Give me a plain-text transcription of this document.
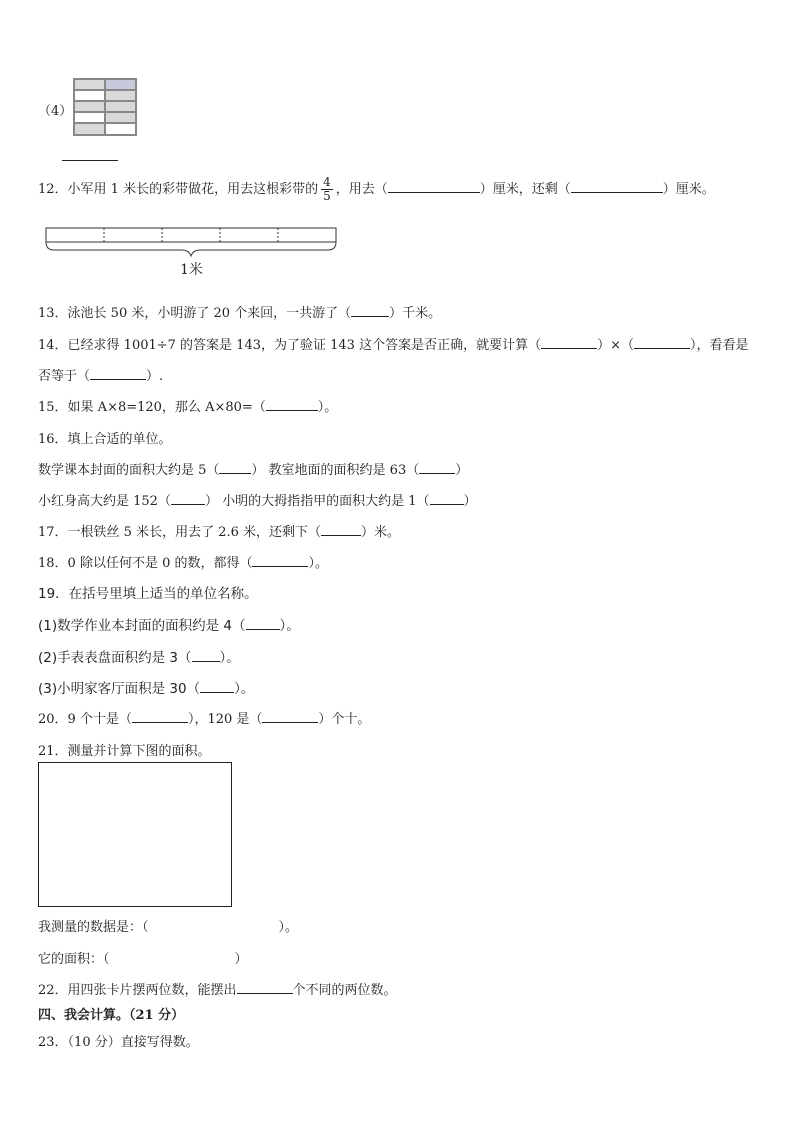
（4）
12．小军用 1 米长的彩带做花，用去这根彩带的 $\frac{4}{5}$ ，用去（	）厘米，还剩（	）厘米。
1米
13．泳池长 50 米，小明游了 20 个来回，一共游了（	）千米。
14．已经求得 1001÷7 的答案是 143，为了验证 143 这个答案是否正确，就要计算（	）×（	），看看是
否等于（	）.
15．如果 A×8=120，那么 A×80=（	）。
16．填上合适的单位。
数学课本封面的面积大约是 5（ ） 教室地面的面积约是 63（	）
小红身高大约是 152（	） 小明的大拇指指甲的面积大约是 1（	）
17．一根铁丝 5 米长，用去了 2.6 米，还剩下（	）米。
18．0 除以任何不是 0 的数，都得（	）。
19．在括号里填上适当的单位名称。
(1)数学作业本封面的面积约是 4（	）。
(2)手表表盘面积约是 3（ ）。
(3)小明家客厅面积是 30（	）。
20．9 个十是（	），120 是（	）个十。
21．测量并计算下图的面积。
我测量的数据是：（	）。
它的面积：（	）
22．用四张卡片摆两位数，能摆出	个不同的两位数。
四、我会计算。（21 分）
23．（10 分）直接写得数。
